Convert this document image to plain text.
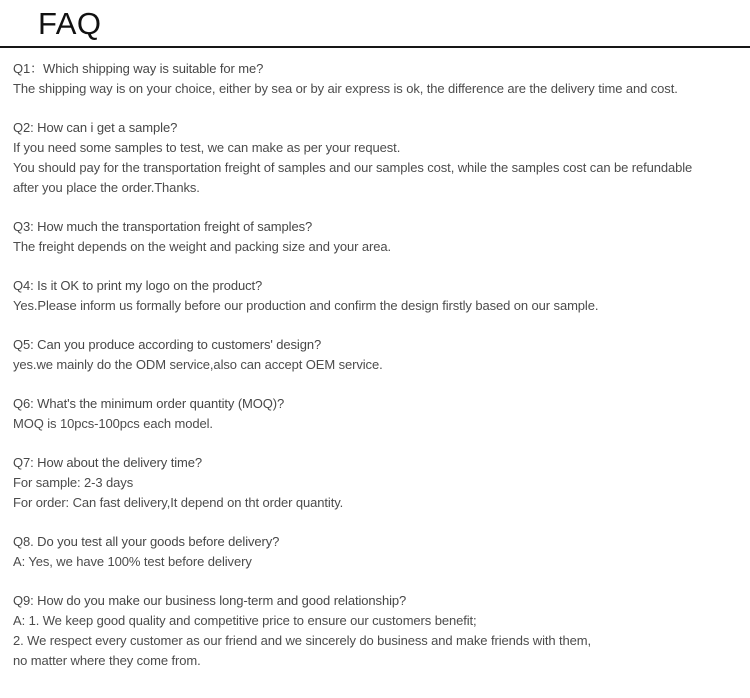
FAQ
Q1：Which shipping way is suitable for me?
The shipping way is on your choice, either by sea or by air express is ok, the difference are the delivery time and cost.
Q2: How can i get a sample?
If you need some samples to test, we can make as per your request.
You should pay for the transportation freight of samples and our samples cost, while the samples cost can be refundable
after you place the order.Thanks.
Q3: How much the transportation freight of samples?
The freight depends on the weight and packing size and your area.
Q4: Is it OK to print my logo on the product?
Yes.Please inform us formally before our production and confirm the design firstly based on our sample.
Q5: Can you produce according to customers' design?
yes.we mainly do the ODM service,also can accept OEM service.
Q6: What's the minimum order quantity (MOQ)?
MOQ is 10pcs-100pcs each model.
Q7: How about the delivery time?
For sample: 2-3 days
For order: Can fast delivery,It depend on tht order quantity.
Q8. Do you test all your goods before delivery?
A: Yes, we have 100% test before delivery
Q9: How do you make our business long-term and good relationship?
A: 1. We keep good quality and competitive price to ensure our customers benefit;
2. We respect every customer as our friend and we sincerely do business and make friends with them,
no matter where they come from.
